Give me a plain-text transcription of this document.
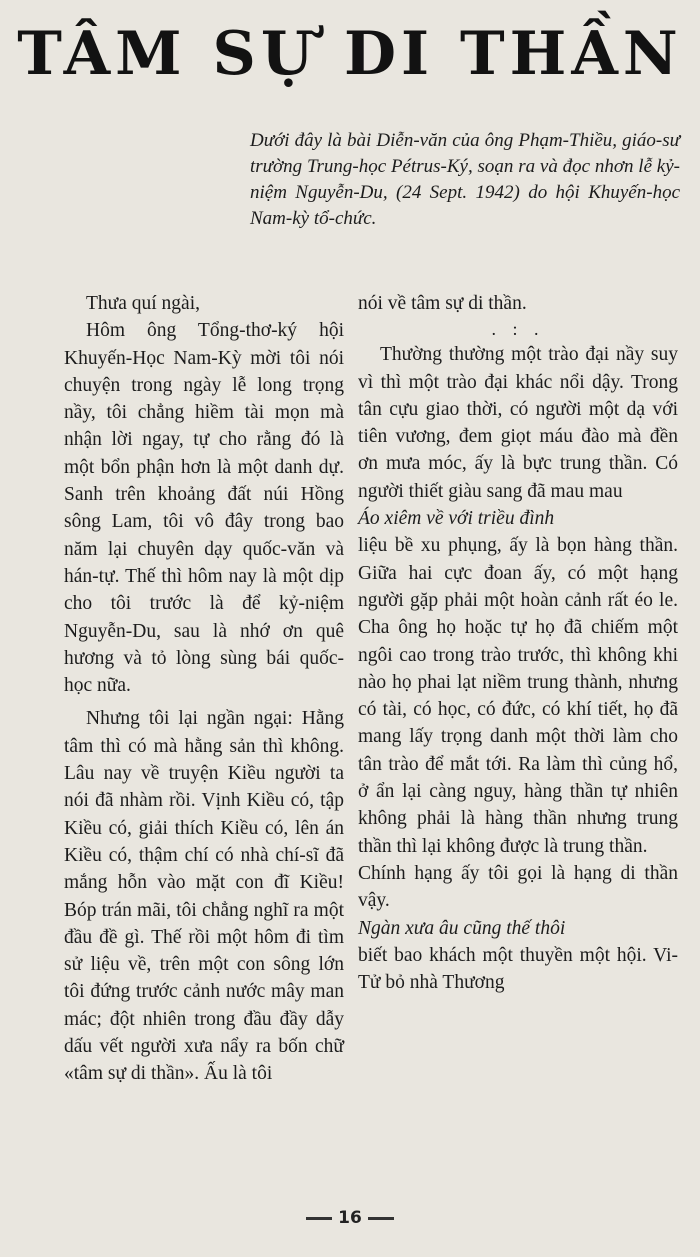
TÂM SỰ DI THẦN

Dưới đây là bài Diễn-văn của ông Phạm-Thiều, giáo-sư trường Trung-học Pétrus-Ký, soạn ra và đọc nhơn lễ kỷ-niệm Nguyễn-Du, (24 Sept. 1942) do hội Khuyến-học Nam-kỳ tổ-chức.

Thưa quí ngài,

Hôm ông Tổng-thơ-ký hội Khuyến-Học Nam-Kỳ mời tôi nói chuyện trong ngày lễ long trọng nầy, tôi chẳng hiềm tài mọn mà nhận lời ngay, tự cho rằng đó là một bổn phận hơn là một danh dự. Sanh trên khoảng đất núi Hồng sông Lam, tôi vô đây trong bao năm lại chuyên dạy quốc-văn và hán-tự. Thế thì hôm nay là một dịp cho tôi trước là để kỷ-niệm Nguyễn-Du, sau là nhớ ơn quê hương và tỏ lòng sùng bái quốc-học nữa.

Nhưng tôi lại ngần ngại: Hằng tâm thì có mà hằng sản thì không. Lâu nay về truyện Kiều người ta nói đã nhàm rồi. Vịnh Kiều có, tập Kiều có, giải thích Kiều có, lên án Kiều có, thậm chí có nhà chí-sĩ đã mắng hỗn vào mặt con đĩ Kiều! Bóp trán mãi, tôi chẳng nghĩ ra một đầu đề gì. Thế rồi một hôm đi tìm sử liệu về, trên một con sông lớn tôi đứng trước cảnh nước mây man mác; đột nhiên trong đầu đầy dẫy dấu vết người xưa nẩy ra bốn chữ «tâm sự di thần». Ấu là tôi

nói về tâm sự di thần.

. : .

Thường thường một trào đại nầy suy vì thì một trào đại khác nổi dậy. Trong tân cựu giao thời, có người một dạ với tiên vương, đem giọt máu đào mà đền ơn mưa móc, ấy là bực trung thần. Có người thiết giàu sang đã mau mau

Áo xiêm về với triều đình

liệu bề xu phụng, ấy là bọn hàng thần. Giữa hai cực đoan ấy, có một hạng người gặp phải một hoàn cảnh rất éo le. Cha ông họ hoặc tự họ đã chiếm một ngôi cao trong trào trước, thì không khi nào họ phai lạt niềm trung thành, nhưng có tài, có học, có đức, có khí tiết, họ đã mang lấy trọng danh một thời làm cho tân trào để mắt tới. Ra làm thì củng hổ, ở ẩn lại càng nguy, hàng thần tự nhiên không phải là hàng thần nhưng trung thần thì lại không được là trung thần.

Chính hạng ấy tôi gọi là hạng di thần vậy.

Ngàn xưa âu cũng thế thôi

biết bao khách một thuyền một hội. Vi-Tử bỏ nhà Thương

16
